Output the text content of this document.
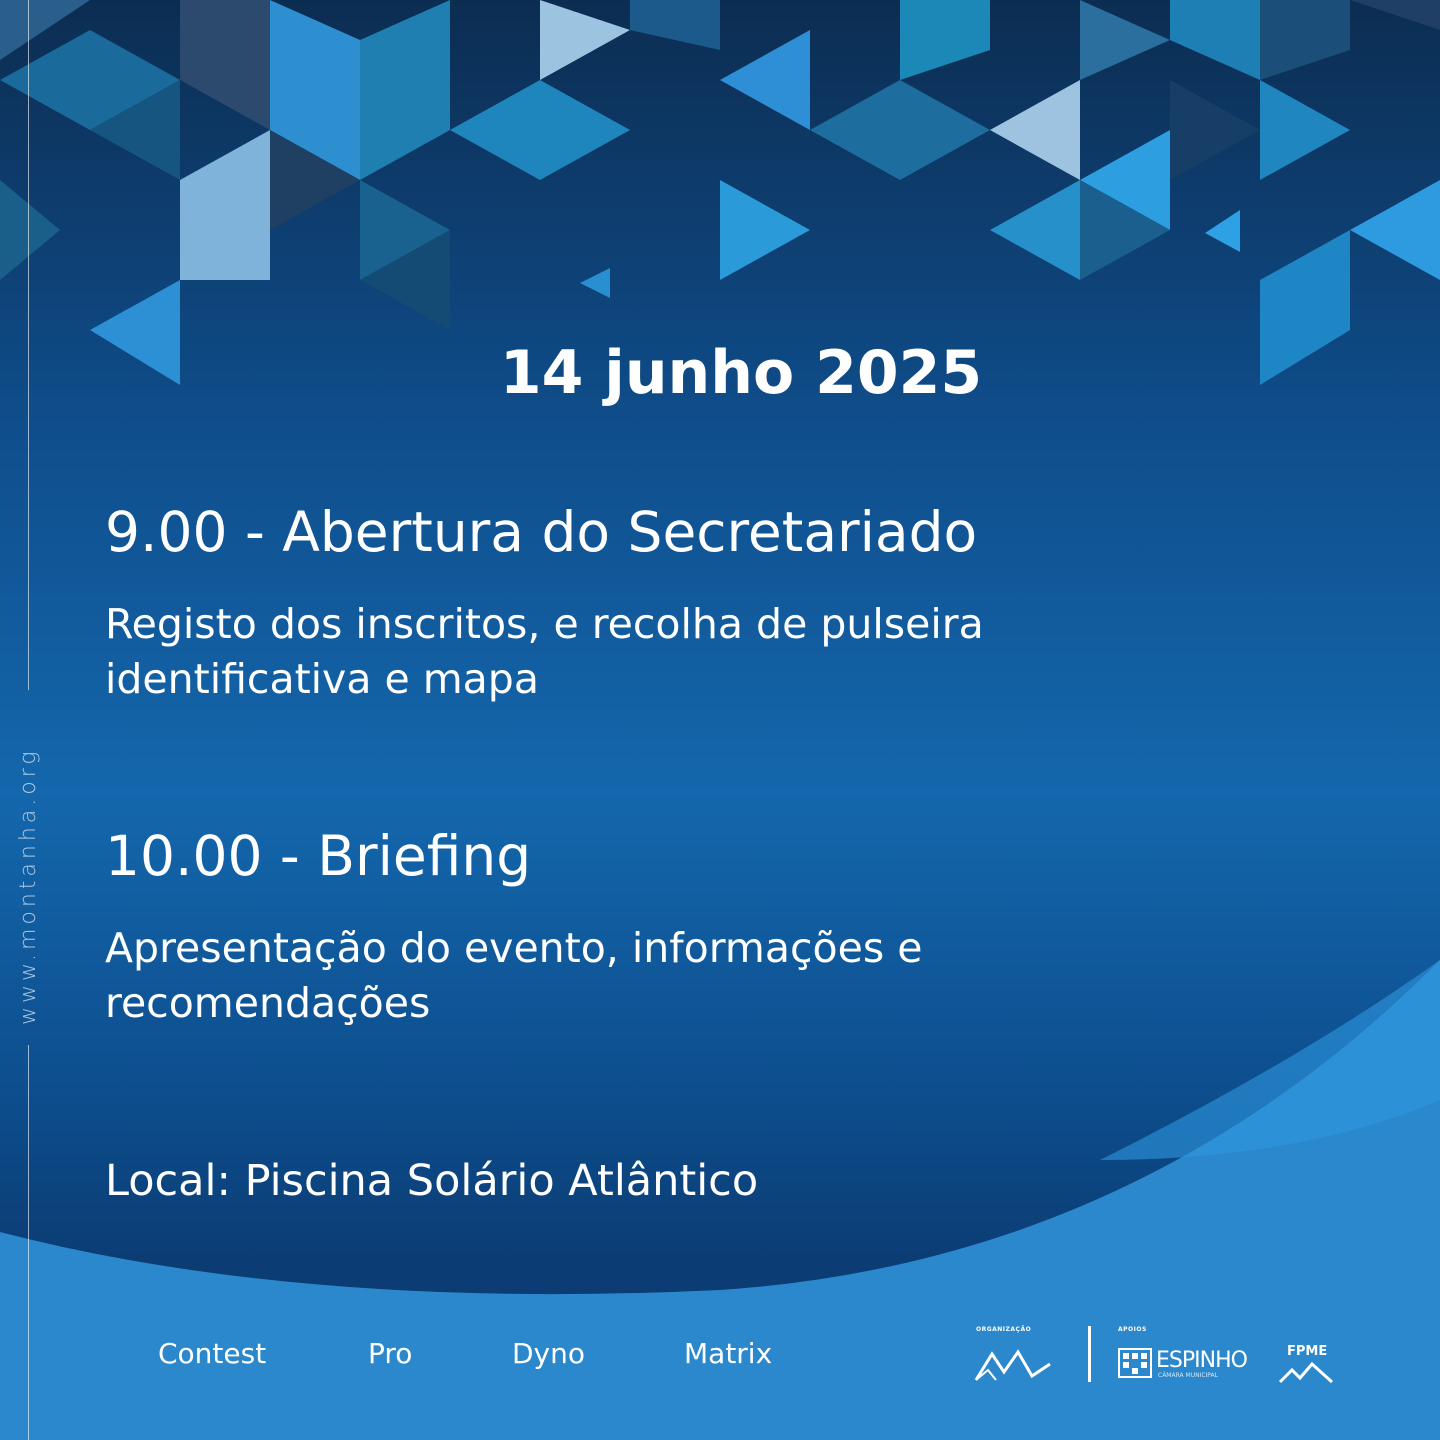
www.montanha.org
14 junho 2025
9.00 - Abertura do Secretariado
Registo dos inscritos, e recolha de pulseira
identificativa e mapa
10.00 - Briefing
Apresentação do evento, informações e
recomendações
Local: Piscina Solário Atlântico
Contest	Pro	Dyno	Matrix
ORGANIZAÇÃO	APOIOS
ESPINHO
CÂMARA MUNICIPAL
FPME
